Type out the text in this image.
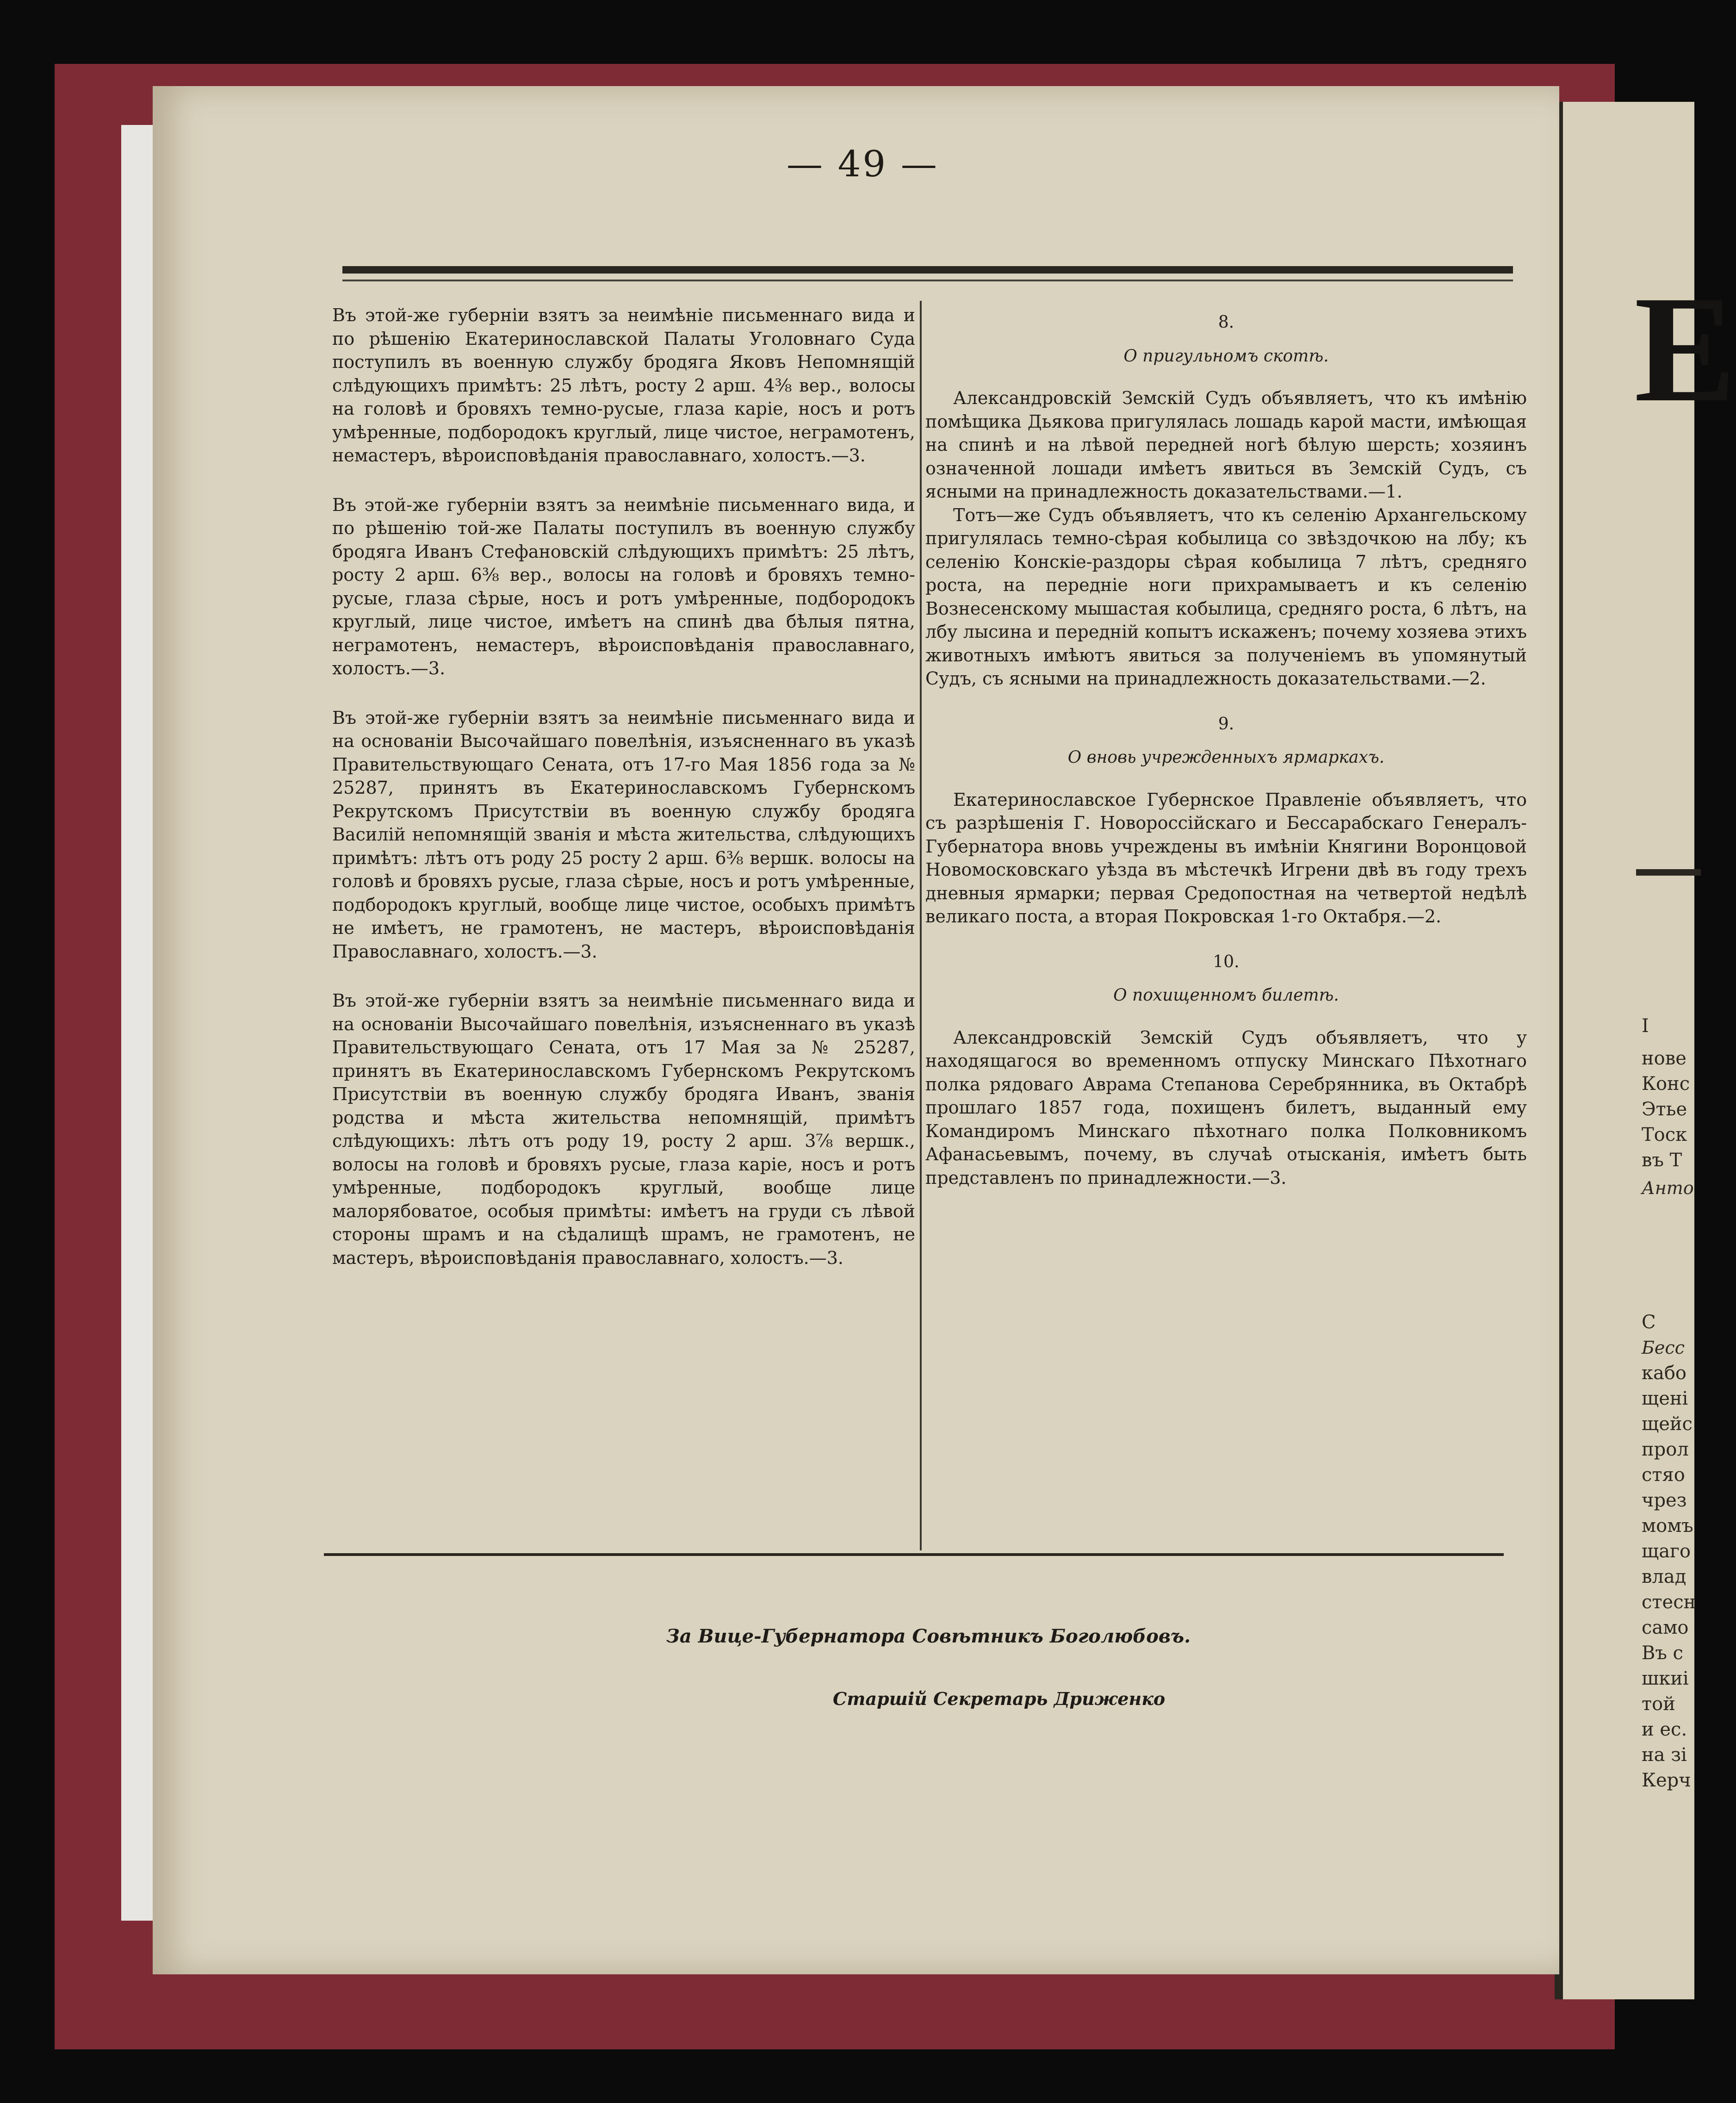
Е
I
нове
Конс
Этье
Тоск
въ Т
Анто
С
Бесс
кабо
щені
щейс
прол
стяо
чрез
момъ
щаго
влад
стесн
само
Въ с
шкиі
той
и ес.
на зі
Керч
— 49 —

Въ этой-же губерніи взятъ за неимѣніе письменнаго вида и по рѣшенію Екатеринославской Палаты Уголовнаго Суда поступилъ въ военную службу бродяга Яковъ Непомнящій слѣдующихъ примѣтъ: 25 лѣтъ, росту 2 арш. 4⅜ вер., волосы на головѣ и бровяхъ темно-русые, глаза каріе, носъ и ротъ умѣренные, подбородокъ круглый, лице чистое, неграмотенъ, немастеръ, вѣроисповѣданія православнаго, холостъ.—3.

Въ этой-же губерніи взятъ за неимѣніе письменнаго вида, и по рѣшенію той-же Палаты поступилъ въ военную службу бродяга Иванъ Стефановскій слѣдующихъ примѣтъ: 25 лѣтъ, росту 2 арш. 6⅜ вер., волосы на головѣ и бровяхъ темно-русые, глаза сѣрые, носъ и ротъ умѣренные, подбородокъ круглый, лице чистое, имѣетъ на спинѣ два бѣлыя пятна, неграмотенъ, немастеръ, вѣроисповѣданія православнаго, холостъ.—3.

Въ этой-же губерніи взятъ за неимѣніе письменнаго вида и на основаніи Высочайшаго повелѣнія, изъясненнаго въ указѣ Правительствующаго Сената, отъ 17-го Мая 1856 года за № 25287, принятъ въ Екатеринославскомъ Губернскомъ Рекрутскомъ Присутствіи въ военную службу бродяга Василій непомнящій званія и мѣста жительства, слѣдующихъ примѣтъ: лѣтъ отъ роду 25 росту 2 арш. 6⅜ вершк. волосы на головѣ и бровяхъ русые, глаза сѣрые, носъ и ротъ умѣренные, подбородокъ круглый, вообще лице чистое, особыхъ примѣтъ не имѣетъ, не грамотенъ, не мастеръ, вѣроисповѣданія Православнаго, холостъ.—3.

Въ этой-же губерніи взятъ за неимѣніе письменнаго вида и на основаніи Высочайшаго повелѣнія, изъясненнаго въ указѣ Правительствующаго Сената, отъ 17 Мая за № 25287, принятъ въ Екатеринославскомъ Губернскомъ Рекрутскомъ Присутствіи въ военную службу бродяга Иванъ, званія родства и мѣста жительства непомнящій, примѣтъ слѣдующихъ: лѣтъ отъ роду 19, росту 2 арш. 3⅞ вершк., волосы на головѣ и бровяхъ русые, глаза каріе, носъ и ротъ умѣренные, подбородокъ круглый, вообще лице малорябоватое, особыя примѣты: имѣетъ на груди съ лѣвой стороны шрамъ и на сѣдалищѣ шрамъ, не грамотенъ, не мастеръ, вѣроисповѣданія православнаго, холостъ.—3.

8.

О пригульномъ скотѣ.

Александровскій Земскій Судъ объявляетъ, что къ имѣнію помѣщика Дьякова пригулялась лошадь карой масти, имѣющая на спинѣ и на лѣвой передней ногѣ бѣлую шерсть; хозяинъ означенной лошади имѣетъ явиться въ Земскій Судъ, съ ясными на принадлежность доказательствами.—1.

Тотъ—же Судъ объявляетъ, что къ селенію Архангельскому пригулялась темно-сѣрая кобылица со звѣздочкою на лбу; къ селенію Конскіе-раздоры сѣрая кобылица 7 лѣтъ, средняго роста, на передніе ноги прихрамываетъ и къ селенію Вознесенскому мышастая кобылица, средняго роста, 6 лѣтъ, на лбу лысина и передній копытъ искаженъ; почему хозяева этихъ животныхъ имѣютъ явиться за полученіемъ въ упомянутый Судъ, съ ясными на принадлежность доказательствами.—2.

9.

О вновь учрежденныхъ ярмаркахъ.

Екатеринославское Губернское Правленіе объявляетъ, что съ разрѣшенія Г. Новороссійскаго и Бессарабскаго Генералъ-Губернатора вновь учреждены въ имѣніи Княгини Воронцовой Новомосковскаго уѣзда въ мѣстечкѣ Игрени двѣ въ году трехъ дневныя ярмарки; первая Средопостная на четвертой недѣлѣ великаго поста, а вторая Покровская 1-го Октабря.—2.

10.

О похищенномъ билетѣ.

Александровскій Земскій Судъ объявляетъ, что у находящагося во временномъ отпуску Минскаго Пѣхотнаго полка рядоваго Аврама Степанова Серебрянника, въ Октабрѣ прошлаго 1857 года, похищенъ билетъ, выданный ему Командиромъ Минскаго пѣхотнаго полка Полковникомъ Афанасьевымъ, почему, въ случаѣ отысканія, имѣетъ быть представленъ по принадлежности.—3.

За Вице-Губернатора Совѣтникъ Боголюбовъ.
Старшій Секретарь Дриженко
